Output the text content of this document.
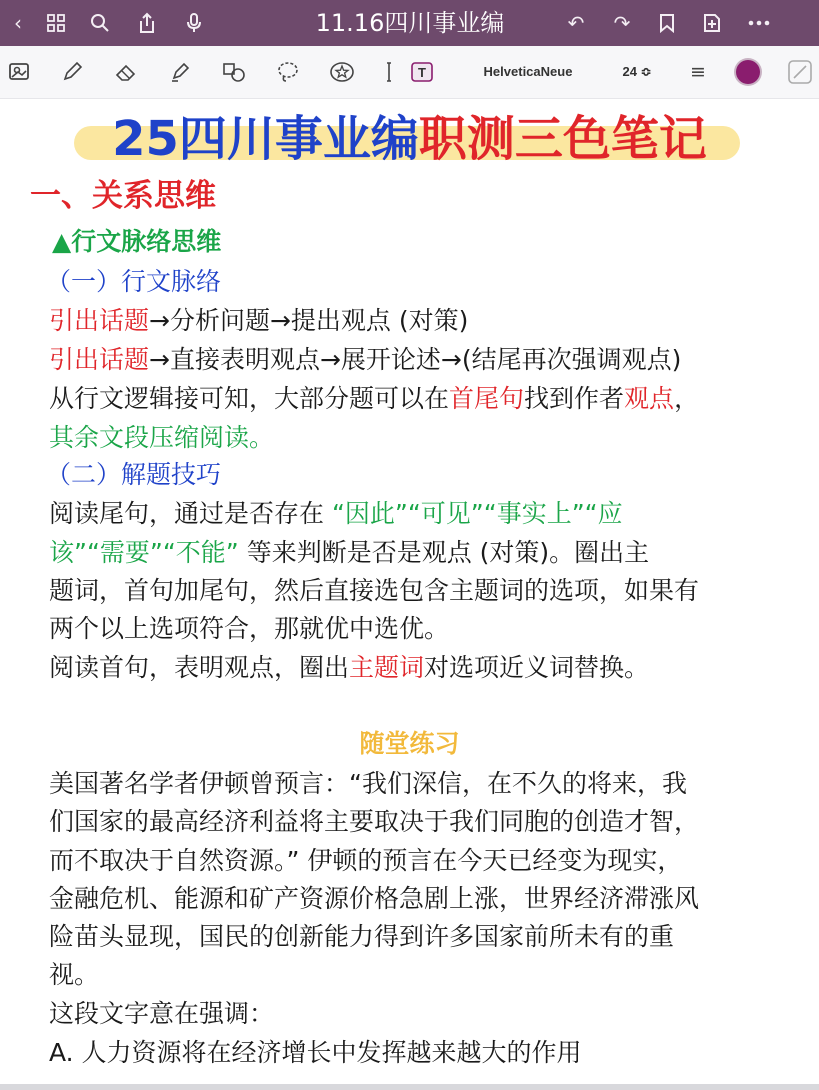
‹	11.16四川事业编	↶	↷
T	HelveticaNeue	24 ≎	≡
25四川事业编职测三色笔记
一、关系思维
▲行文脉络思维
（一）行文脉络
引出话题→分析问题→提出观点 (对策)
引出话题→直接表明观点→展开论述→(结尾再次强调观点)
从行文逻辑接可知，大部分题可以在首尾句找到作者观点，
其余文段压缩阅读。
（二）解题技巧
阅读尾句，通过是否存在 “因此”“可见”“事实上”“应
该”“需要”“不能” 等来判断是否是观点 (对策)。圈出主
题词，首句加尾句，然后直接选包含主题词的选项，如果有
两个以上选项符合，那就优中选优。
阅读首句，表明观点，圈出主题词对选项近义词替换。
随堂练习
美国著名学者伊顿曾预言：“我们深信，在不久的将来，我
们国家的最高经济利益将主要取决于我们同胞的创造才智，
而不取决于自然资源。” 伊顿的预言在今天已经变为现实，
金融危机、能源和矿产资源价格急剧上涨，世界经济滞涨风
险苗头显现，国民的创新能力得到许多国家前所未有的重
视。
这段文字意在强调：
A. 人力资源将在经济增长中发挥越来越大的作用
